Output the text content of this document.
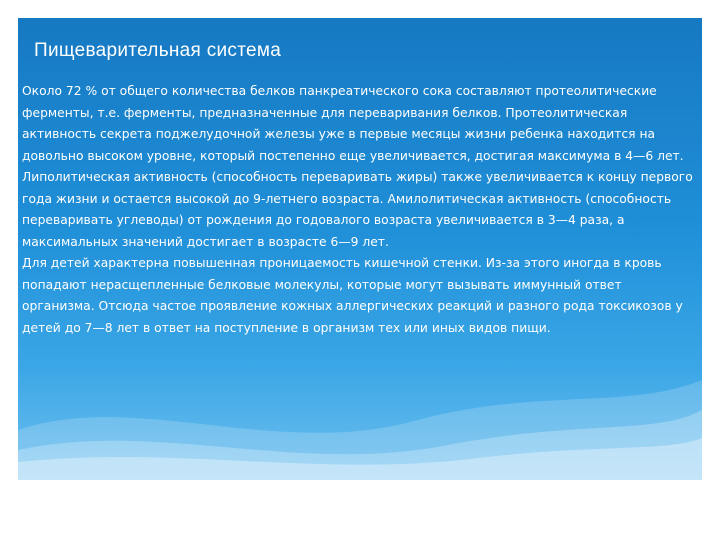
Пищеварительная система

Около 72 % от общего количества белков панкреатического сока составляют протеолитические ферменты, т.е. ферменты, предназначенные для переваривания белков. Протеолитическая активность секрета поджелудочной железы уже в первые месяцы жизни ребенка находится на довольно высоком уровне, который постепенно еще увеличивается, достигая максимума в 4—6 лет. Липолитическая активность (способность переваривать жиры) также увеличивается к концу первого года жизни и остается высокой до 9-летнего возраста. Амилолитическая активность (способность переваривать углеводы) от рождения до годовалого возраста увеличивается в 3—4 раза, а максимальных значений достигает в возрасте 6—9 лет.

Для детей характерна повышенная проницаемость кишечной стенки. Из-за этого иногда в кровь попадают нерасщепленные белковые молекулы, которые могут вызывать иммунный ответ организма. Отсюда частое проявление кожных аллергических реакций и разного рода токсикозов у детей до 7—8 лет в ответ на поступление в организм тех или иных видов пищи.
